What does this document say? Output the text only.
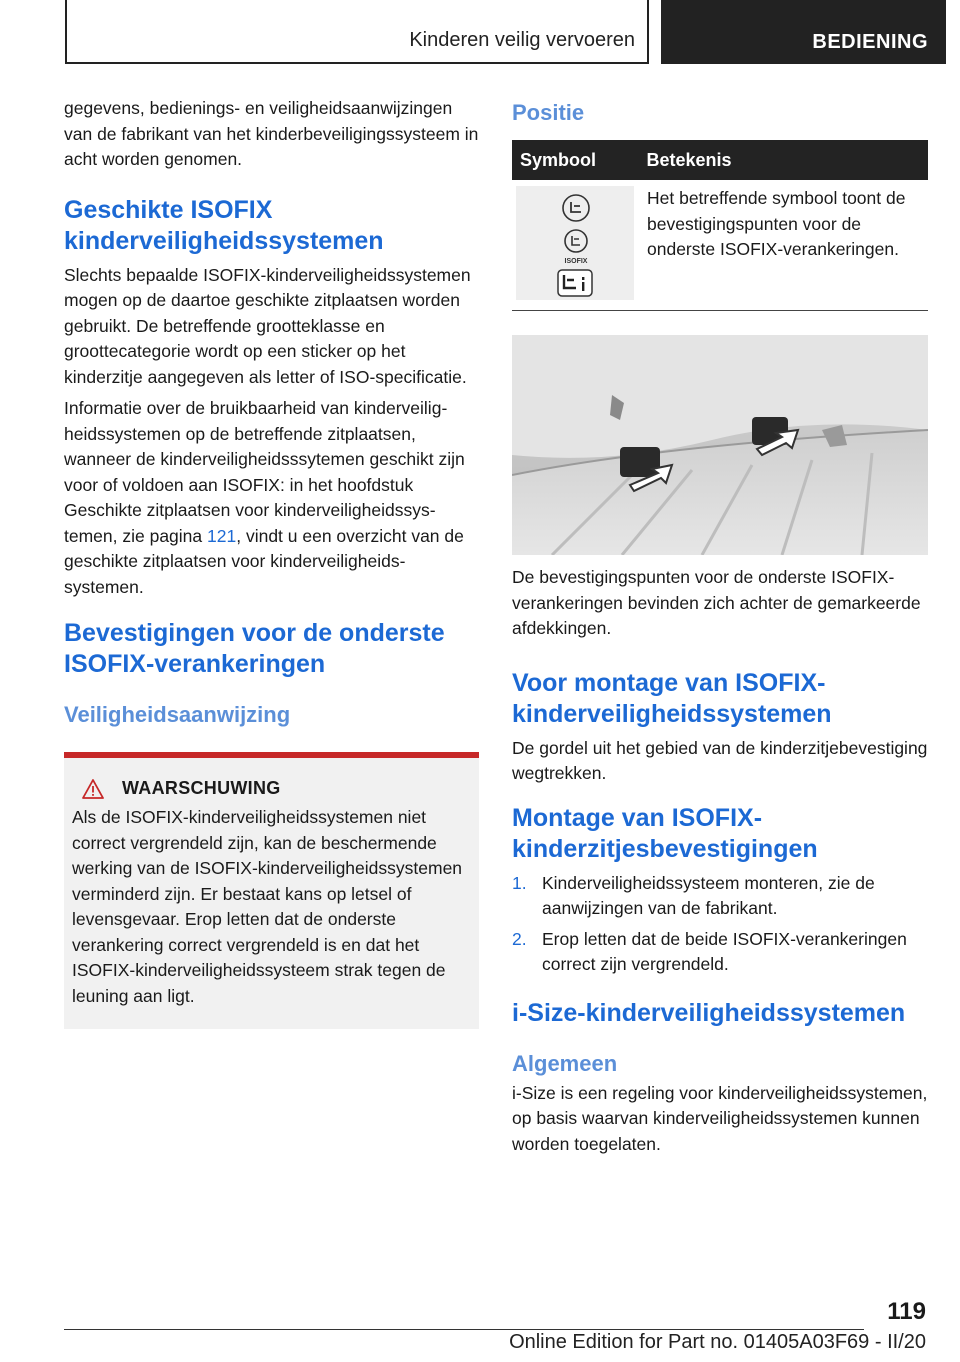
Kinderen veilig vervoeren	BEDIENING

gegevens, bedienings- en veiligheidsaanwijzingen van de fabrikant van het kinderbeveiligingssysteem in acht worden genomen.

Geschikte ISOFIX kinderveiligheidssystemen

Slechts bepaalde ISOFIX-kinderveiligheidssystemen mogen op de daartoe geschikte zitplaatsen worden gebruikt. De betreffende grootteklasse en groottecategorie wordt op een sticker op het kinderzitje aangegeven als letter of ISO-specificatie.

Informatie over de bruikbaarheid van kinderveiligheidssystemen op de betreffende zitplaatsen, wanneer de kinderveiligheidsssytemen geschikt zijn voor of voldoen aan ISOFIX: in het hoofdstuk Geschikte zitplaatsen voor kinderveiligheidssystemen, zie pagina 121, vindt u een overzicht van de geschikte zitplaatsen voor kinderveiligheidssystemen.

Bevestigingen voor de onderste ISOFIX-verankeringen
Veiligheidsaanwijzing
WAARSCHUWING

Als de ISOFIX-kinderveiligheidssystemen niet correct vergrendeld zijn, kan de beschermende werking van de ISOFIX-kinderveiligheidssystemen verminderd zijn. Er bestaat kans op letsel of levensgevaar. Erop letten dat de onderste verankering correct vergrendeld is en dat het ISOFIX-kinderveiligheidssysteem strak tegen de leuning aan ligt.

Positie
Symbool	Betekenis

ISOFIX	Het betreffende symbool toont de bevestigingspunten voor de onderste ISOFIX-verankeringen.

De bevestigingspunten voor de onderste ISOFIX-verankeringen bevinden zich achter de gemarkeerde afdekkingen.

Voor montage van ISOFIX-kinderveiligheidssystemen

De gordel uit het gebied van de kinderzitjebevestiging wegtrekken.

Montage van ISOFIX-kinderzitjesbevestigingen
1. Kinderveiligheidssysteem monteren, zie de aanwijzingen van de fabrikant.
2. Erop letten dat de beide ISOFIX-verankeringen correct zijn vergrendeld.
i-Size-kinderveiligheidssystemen
Algemeen

i-Size is een regeling voor kinderveiligheidssystemen, op basis waarvan kinderveiligheidssystemen kunnen worden toegelaten.

119
Online Edition for Part no. 01405A03F69 - II/20
